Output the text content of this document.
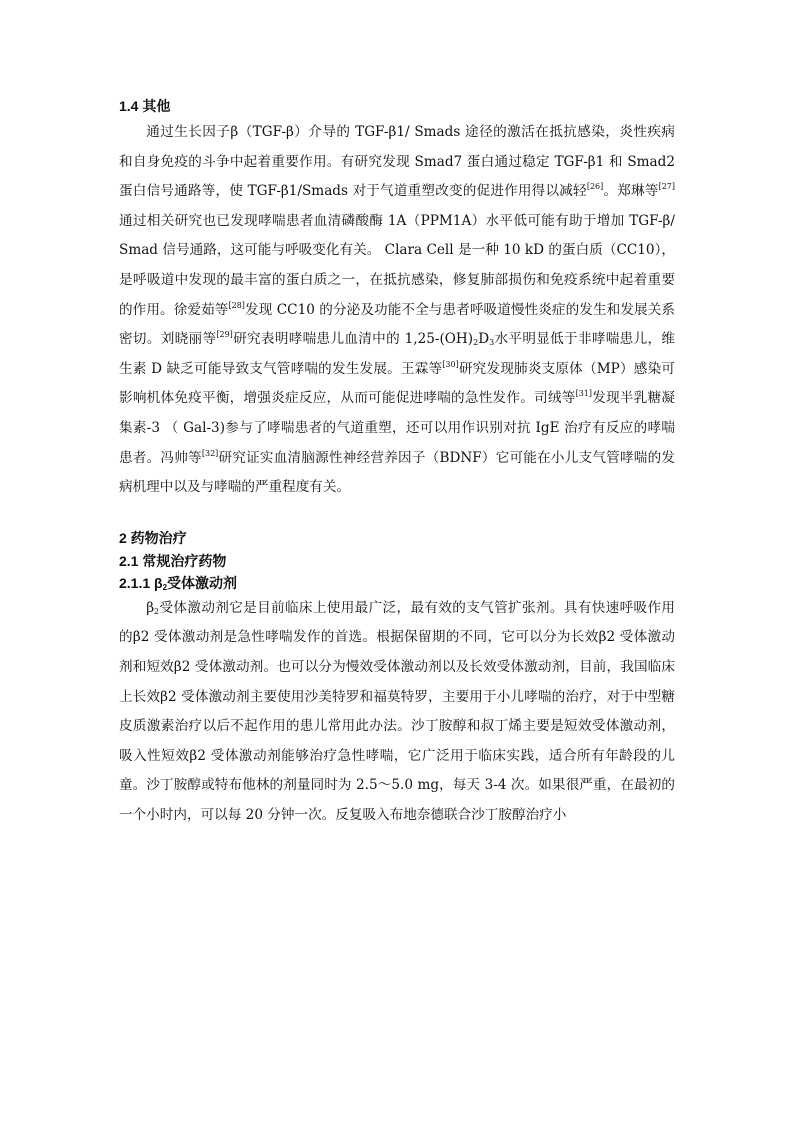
1.4 其他

通过生长因子β（TGF-β）介导的 TGF-β1/ Smads 途径的激活在抵抗感染，炎性疾病和自身免疫的斗争中起着重要作用。有研究发现 Smad7 蛋白通过稳定 TGF-β1 和 Smad2 蛋白信号通路等，使 TGF-β1/Smads 对于气道重塑改变的促进作用得以减轻[26]。郑琳等[27]通过相关研究也已发现哮喘患者血清磷酸酶 1A（PPM1A）水平低可能有助于增加 TGF-β/ Smad 信号通路，这可能与呼吸变化有关。 Clara Cell 是一种 10 kD 的蛋白质（CC10），是呼吸道中发现的最丰富的蛋白质之一，在抵抗感染，修复肺部损伤和免疫系统中起着重要的作用。徐爱茹等[28]发现 CC10 的分泌及功能不全与患者呼吸道慢性炎症的发生和发展关系密切。刘晓丽等[29]研究表明哮喘患儿血清中的 $1,25-(OH)_2D_3$水平明显低于非哮喘患儿，维生素 D 缺乏可能导致支气管哮喘的发生发展。王霖等[30]研究发现肺炎支原体（MP）感染可影响机体免疫平衡，增强炎症反应，从而可能促进哮喘的急性发作。司绒等[31]发现半乳糖凝集素-3 （ Gal-3)参与了哮喘患者的气道重塑，还可以用作识别对抗 IgE 治疗有反应的哮喘患者。冯帅等[32]研究证实血清脑源性神经营养因子（BDNF）它可能在小儿支气管哮喘的发病机理中以及与哮喘的严重程度有关。

2 药物治疗
2.1 常规治疗药物
2.1.1 $\beta_2$受体激动剂

$\beta_2$受体激动剂它是目前临床上使用最广泛，最有效的支气管扩张剂。具有快速呼吸作用的β2 受体激动剂是急性哮喘发作的首选。根据保留期的不同，它可以分为长效β2 受体激动剂和短效β2 受体激动剂。也可以分为慢效受体激动剂以及长效受体激动剂，目前，我国临床上长效β2 受体激动剂主要使用沙美特罗和福莫特罗，主要用于小儿哮喘的治疗，对于中型糖皮质激素治疗以后不起作用的患儿常用此办法。沙丁胺醇和叔丁烯主要是短效受体激动剂，吸入性短效β2 受体激动剂能够治疗急性哮喘，它广泛用于临床实践，适合所有年龄段的儿童。沙丁胺醇或特布他林的剂量同时为 2.5～5.0 mg，每天 3-4 次。如果很严重，在最初的一个小时内，可以每 20 分钟一次。反复吸入布地奈德联合沙丁胺醇治疗小
